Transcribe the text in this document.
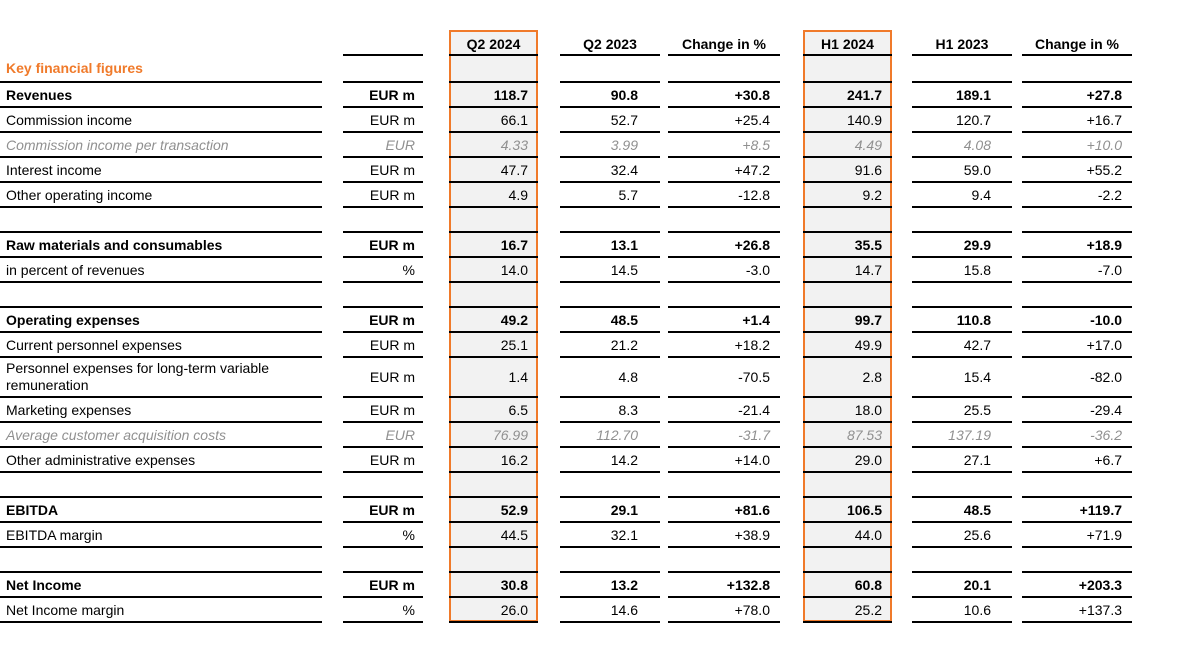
Q2 2024	Q2 2023	Change in %	H1 2024	H1 2023	Change in %
Key financial figures
Revenues	EUR m	118.7	90.8	+30.8	241.7	189.1	+27.8
Commission income	EUR m	66.1	52.7	+25.4	140.9	120.7	+16.7
Commission income per transaction	EUR	4.33	3.99	+8.5	4.49	4.08	+10.0
Interest income	EUR m	47.7	32.4	+47.2	91.6	59.0	+55.2
Other operating income	EUR m	4.9	5.7	-12.8	9.2	9.4	-2.2
Raw materials and consumables	EUR m	16.7	13.1	+26.8	35.5	29.9	+18.9
in percent of revenues	%	14.0	14.5	-3.0	14.7	15.8	-7.0
Operating expenses	EUR m	49.2	48.5	+1.4	99.7	110.8	-10.0
Current personnel expenses	EUR m	25.1	21.2	+18.2	49.9	42.7	+17.0
Personnel expenses for long-term variable remuneration	EUR m	1.4	4.8	-70.5	2.8	15.4	-82.0
Marketing expenses	EUR m	6.5	8.3	-21.4	18.0	25.5	-29.4
Average customer acquisition costs	EUR	76.99	112.70	-31.7	87.53	137.19	-36.2
Other administrative expenses	EUR m	16.2	14.2	+14.0	29.0	27.1	+6.7
EBITDA	EUR m	52.9	29.1	+81.6	106.5	48.5	+119.7
EBITDA margin	%	44.5	32.1	+38.9	44.0	25.6	+71.9
Net Income	EUR m	30.8	13.2	+132.8	60.8	20.1	+203.3
Net Income margin	%	26.0	14.6	+78.0	25.2	10.6	+137.3
